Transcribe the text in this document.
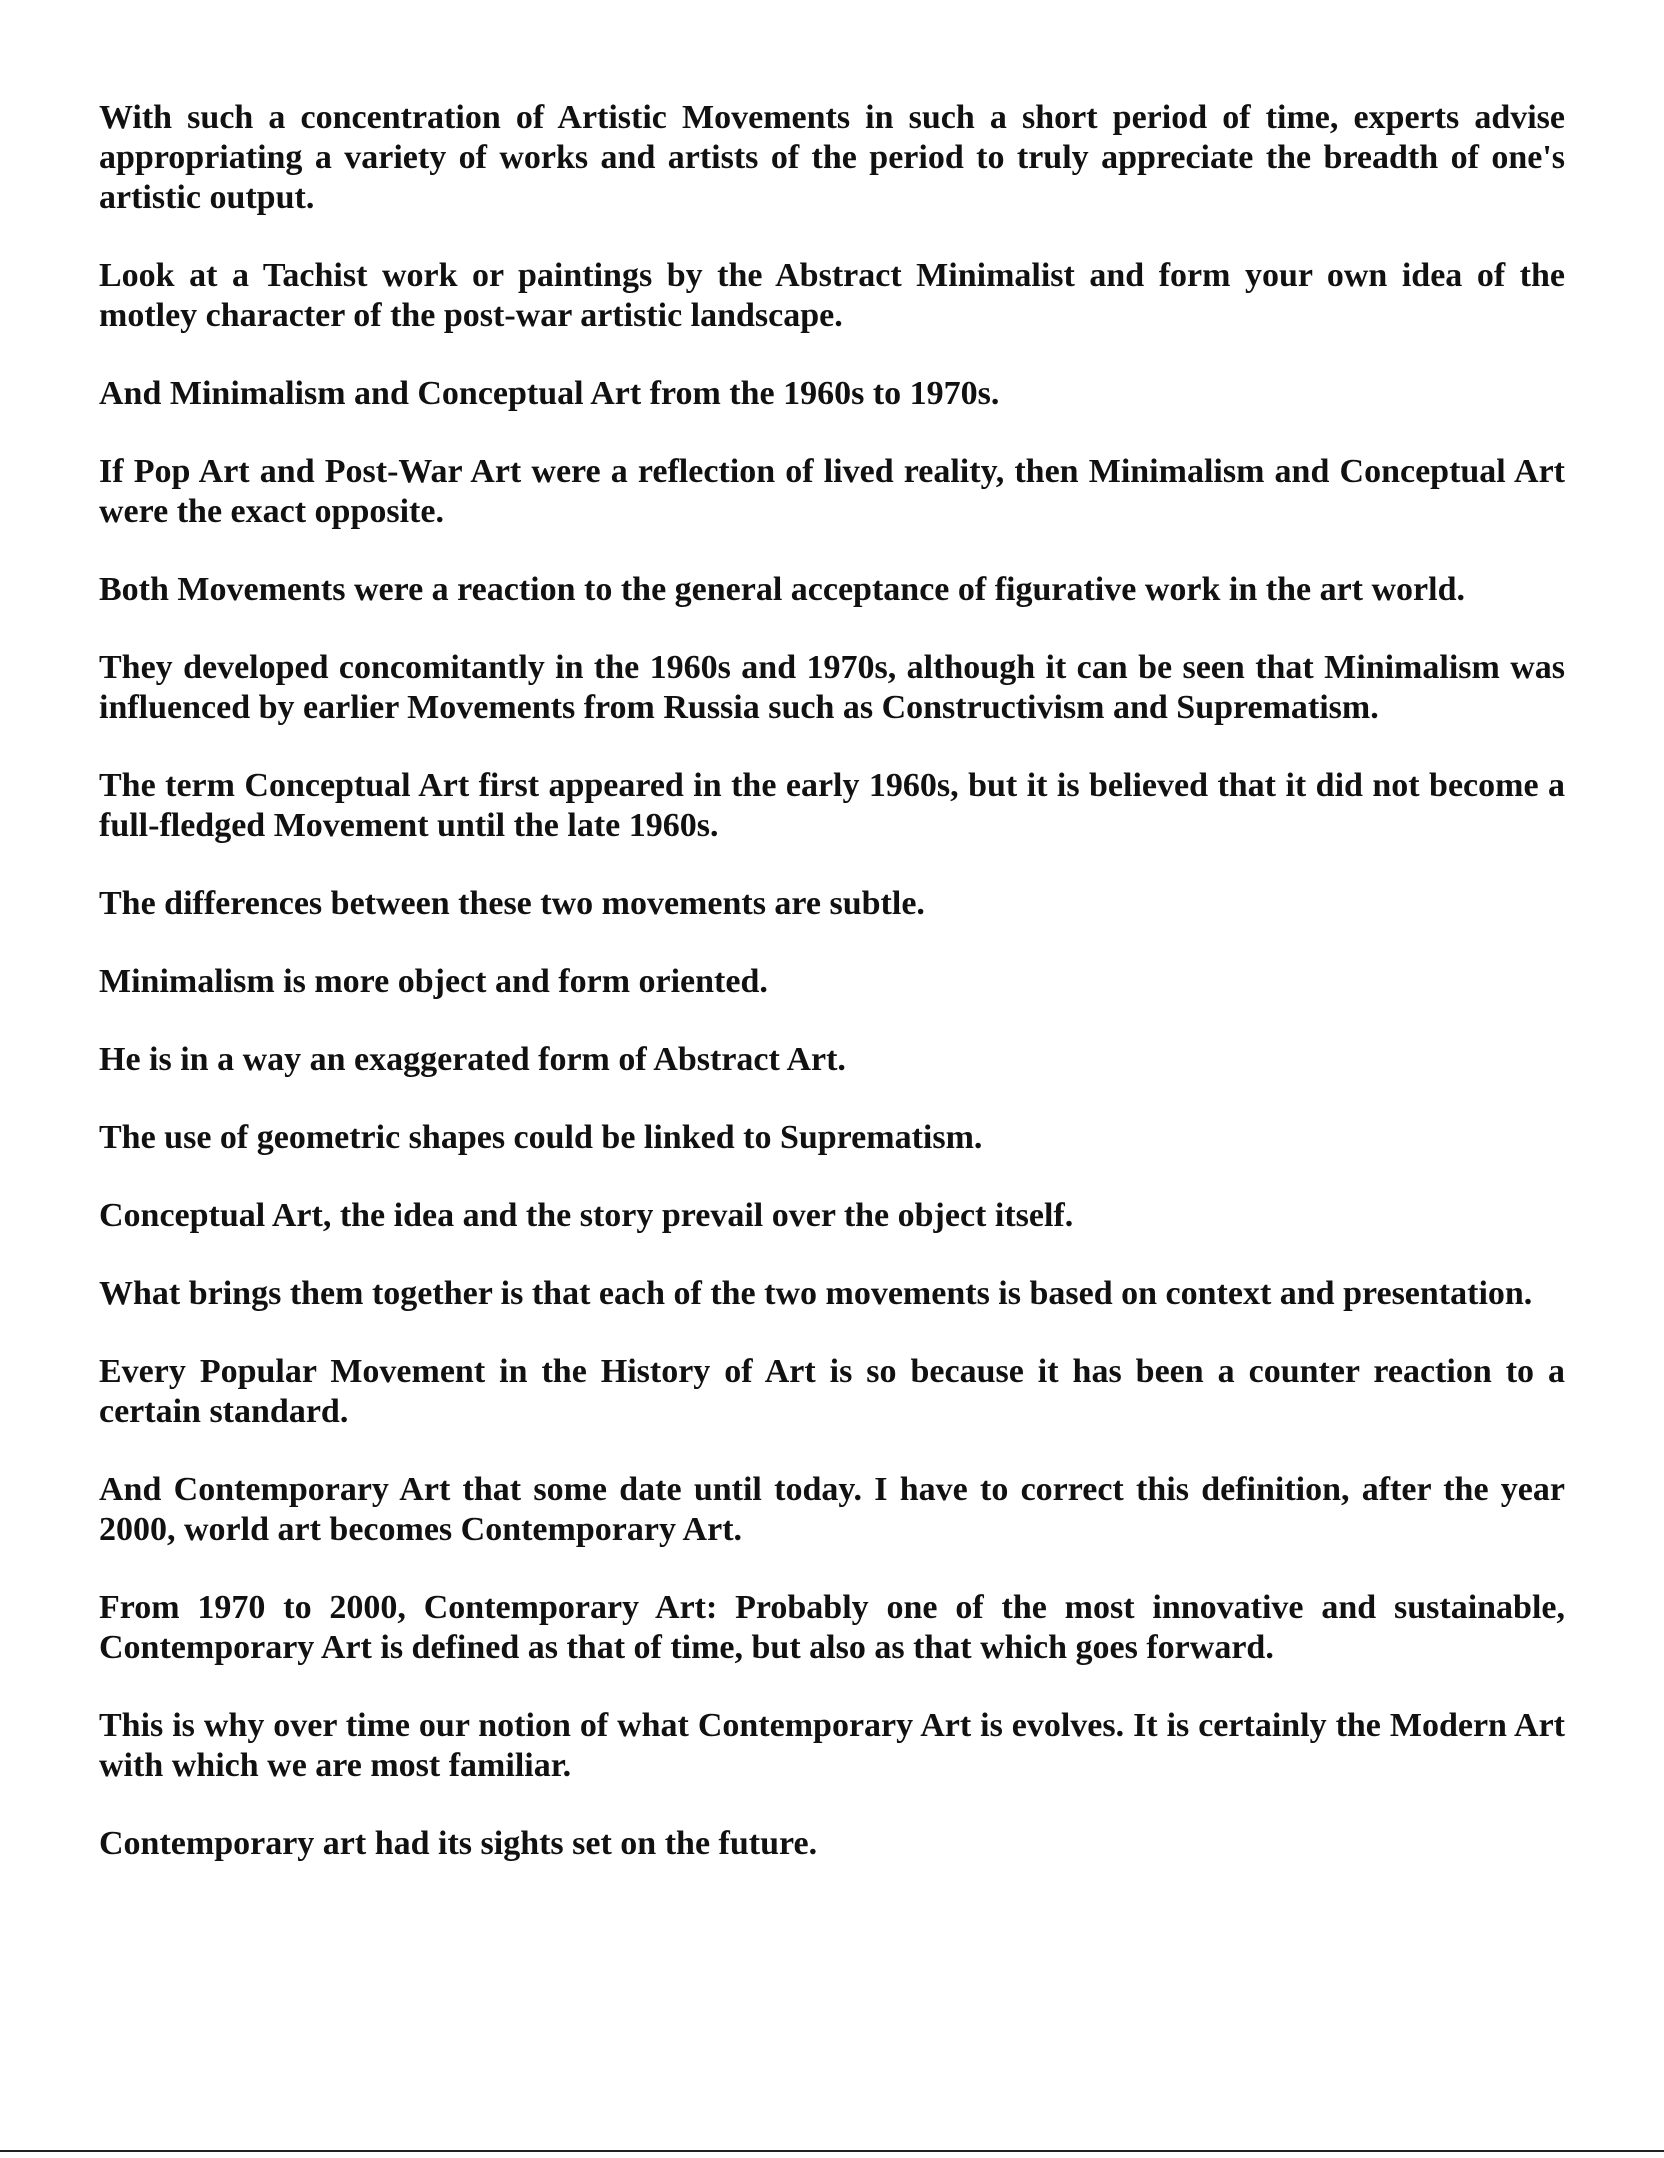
With such a concentration of Artistic Movements in such a short period of time, experts advise appropriating a variety of works and artists of the period to truly appreciate the breadth of one's artistic output.

Look at a Tachist work or paintings by the Abstract Minimalist and form your own idea of the motley character of the post-war artistic landscape.

And Minimalism and Conceptual Art from the 1960s to 1970s.

If Pop Art and Post-War Art were a reflection of lived reality, then Minimalism and Conceptual Art were the exact opposite.

Both Movements were a reaction to the general acceptance of figurative work in the art world.

They developed concomitantly in the 1960s and 1970s, although it can be seen that Minimalism was influenced by earlier Movements from Russia such as Constructivism and Suprematism.

The term Conceptual Art first appeared in the early 1960s, but it is believed that it did not become a full-fledged Movement until the late 1960s.

The differences between these two movements are subtle.

Minimalism is more object and form oriented.

He is in a way an exaggerated form of Abstract Art.

The use of geometric shapes could be linked to Suprematism.

Conceptual Art, the idea and the story prevail over the object itself.

What brings them together is that each of the two movements is based on context and presentation.

Every Popular Movement in the History of Art is so because it has been a counter reaction to a certain standard.

And Contemporary Art that some date until today. I have to correct this definition, after the year 2000, world art becomes Contemporary Art.

From 1970 to 2000, Contemporary Art: Probably one of the most innovative and sustainable, Contemporary Art is defined as that of time, but also as that which goes forward.

This is why over time our notion of what Contemporary Art is evolves. It is certainly the Modern Art with which we are most familiar.

Contemporary art had its sights set on the future.
